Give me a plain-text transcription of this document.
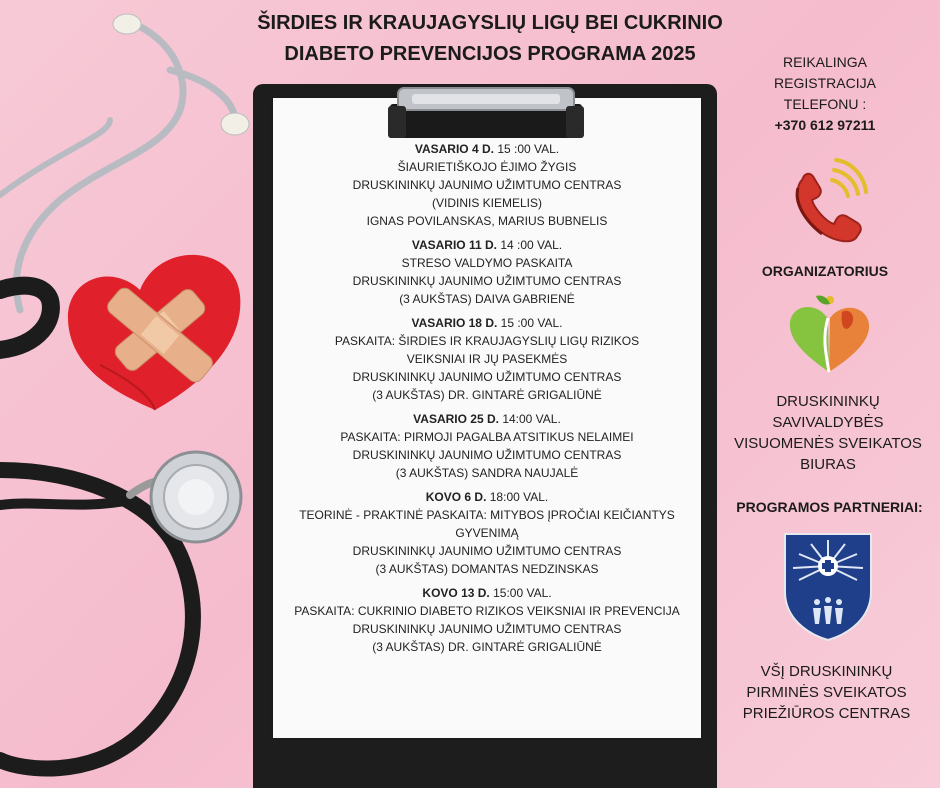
ŠIRDIES IR KRAUJAGYSLIŲ LIGŲ BEI CUKRINIO
DIABETO PREVENCIJOS PROGRAMA 2025
VASARIO 4 D. 15 :00 VAL.
ŠIAURIETIŠKOJO ĖJIMO ŽYGIS
DRUSKININKŲ JAUNIMO UŽIMTUMO CENTRAS
(VIDINIS KIEMELIS)
IGNAS POVILANSKAS, MARIUS BUBNELIS
VASARIO 11 D. 14 :00 VAL.
STRESO VALDYMO PASKAITA
DRUSKININKŲ JAUNIMO UŽIMTUMO CENTRAS
(3 AUKŠTAS) DAIVA GABRIENĖ
VASARIO 18 D. 15 :00 VAL.
PASKAITA: ŠIRDIES IR KRAUJAGYSLIŲ LIGŲ RIZIKOS
VEIKSNIAI IR JŲ PASEKMĖS
DRUSKININKŲ JAUNIMO UŽIMTUMO CENTRAS
(3 AUKŠTAS) DR. GINTARĖ GRIGALIŪNĖ
VASARIO 25 D. 14:00 VAL.
PASKAITA: PIRMOJI PAGALBA ATSITIKUS NELAIMEI
DRUSKININKŲ JAUNIMO UŽIMTUMO CENTRAS
(3 AUKŠTAS) SANDRA NAUJALĖ
KOVO 6 D. 18:00 VAL.
TEORINĖ - PRAKTINĖ PASKAITA: MITYBOS ĮPROČIAI KEIČIANTYS
GYVENIMĄ
DRUSKININKŲ JAUNIMO UŽIMTUMO CENTRAS
(3 AUKŠTAS) DOMANTAS NEDZINSKAS
KOVO 13 D. 15:00 VAL.
PASKAITA: CUKRINIO DIABETO RIZIKOS VEIKSNIAI IR PREVENCIJA
DRUSKININKŲ JAUNIMO UŽIMTUMO CENTRAS
(3 AUKŠTAS) DR. GINTARĖ GRIGALIŪNĖ
REIKALINGA
REGISTRACIJA
TELEFONU :
+370 612 97211
ORGANIZATORIUS
DRUSKININKŲ
SAVIVALDYBĖS
VISUOMENĖS SVEIKATOS
BIURAS
PROGRAMOS PARTNERIAI:
VŠĮ DRUSKININKŲ
PIRMINĖS SVEIKATOS
PRIEŽIŪROS CENTRAS
